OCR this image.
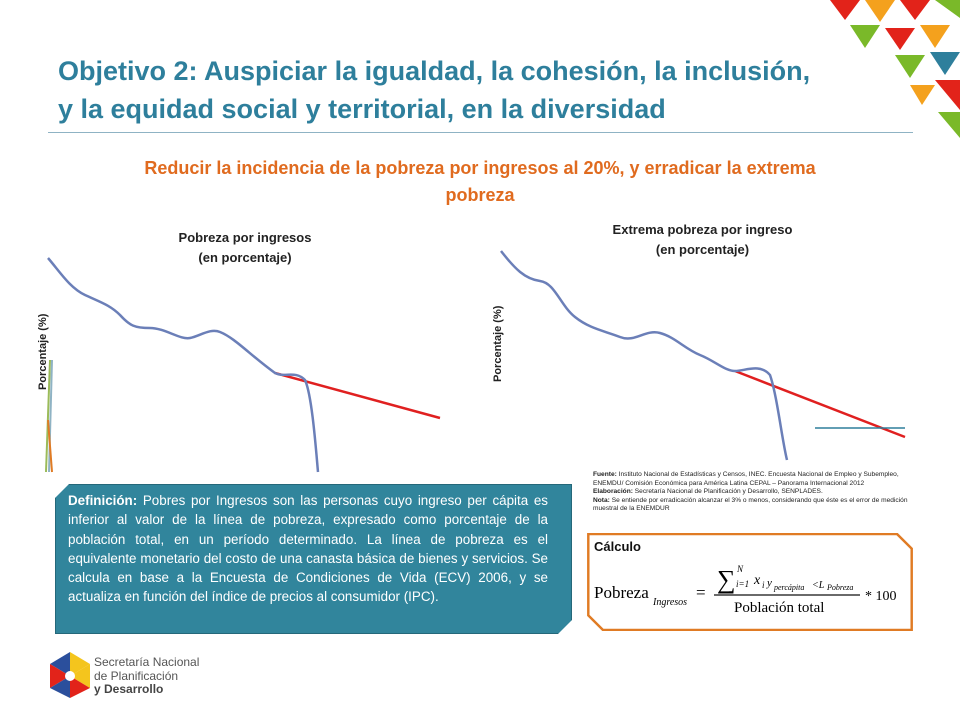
Objetivo 2: Auspiciar la igualdad, la cohesión, la inclusión,
y la equidad social y territorial, en la diversidad
Reducir la incidencia de la pobreza por ingresos al 20%, y erradicar la extrema
pobreza
Pobreza por ingresos
(en porcentaje)
Porcentaje (%)
Extrema pobreza por ingreso
(en porcentaje)
Porcentaje (%)
Definición: Pobres por Ingresos son las personas cuyo ingreso per cápita es inferior al valor de la línea de pobreza, expresado como porcentaje de la población total, en un período determinado. La línea de pobreza es el equivalente monetario del costo de una canasta básica de bienes y servicios. Se calcula en base a la Encuesta de Condiciones de Vida (ECV) 2006, y se actualiza en función del índice de precios al consumidor (IPC).
Fuente: Instituto Nacional de Estadísticas y Censos, INEC. Encuesta Nacional de Empleo y Subempleo, ENEMDU/ Comisión Económica para América Latina CEPAL – Panorama Internacional 2012
Elaboración: Secretaría Nacional de Planificación y Desarrollo, SENPLADES.
Nota: Se entiende por erradicación alcanzar el 3% o menos, considerando que éste es el error de medición muestral de la ENEMDUR
Cálculo
Pobreza
Ingresos
= ∑ N
i=1 x i y percápita <L Pobreza
Población total
* 100
Secretaría Nacional
de Planificación
y Desarrollo
